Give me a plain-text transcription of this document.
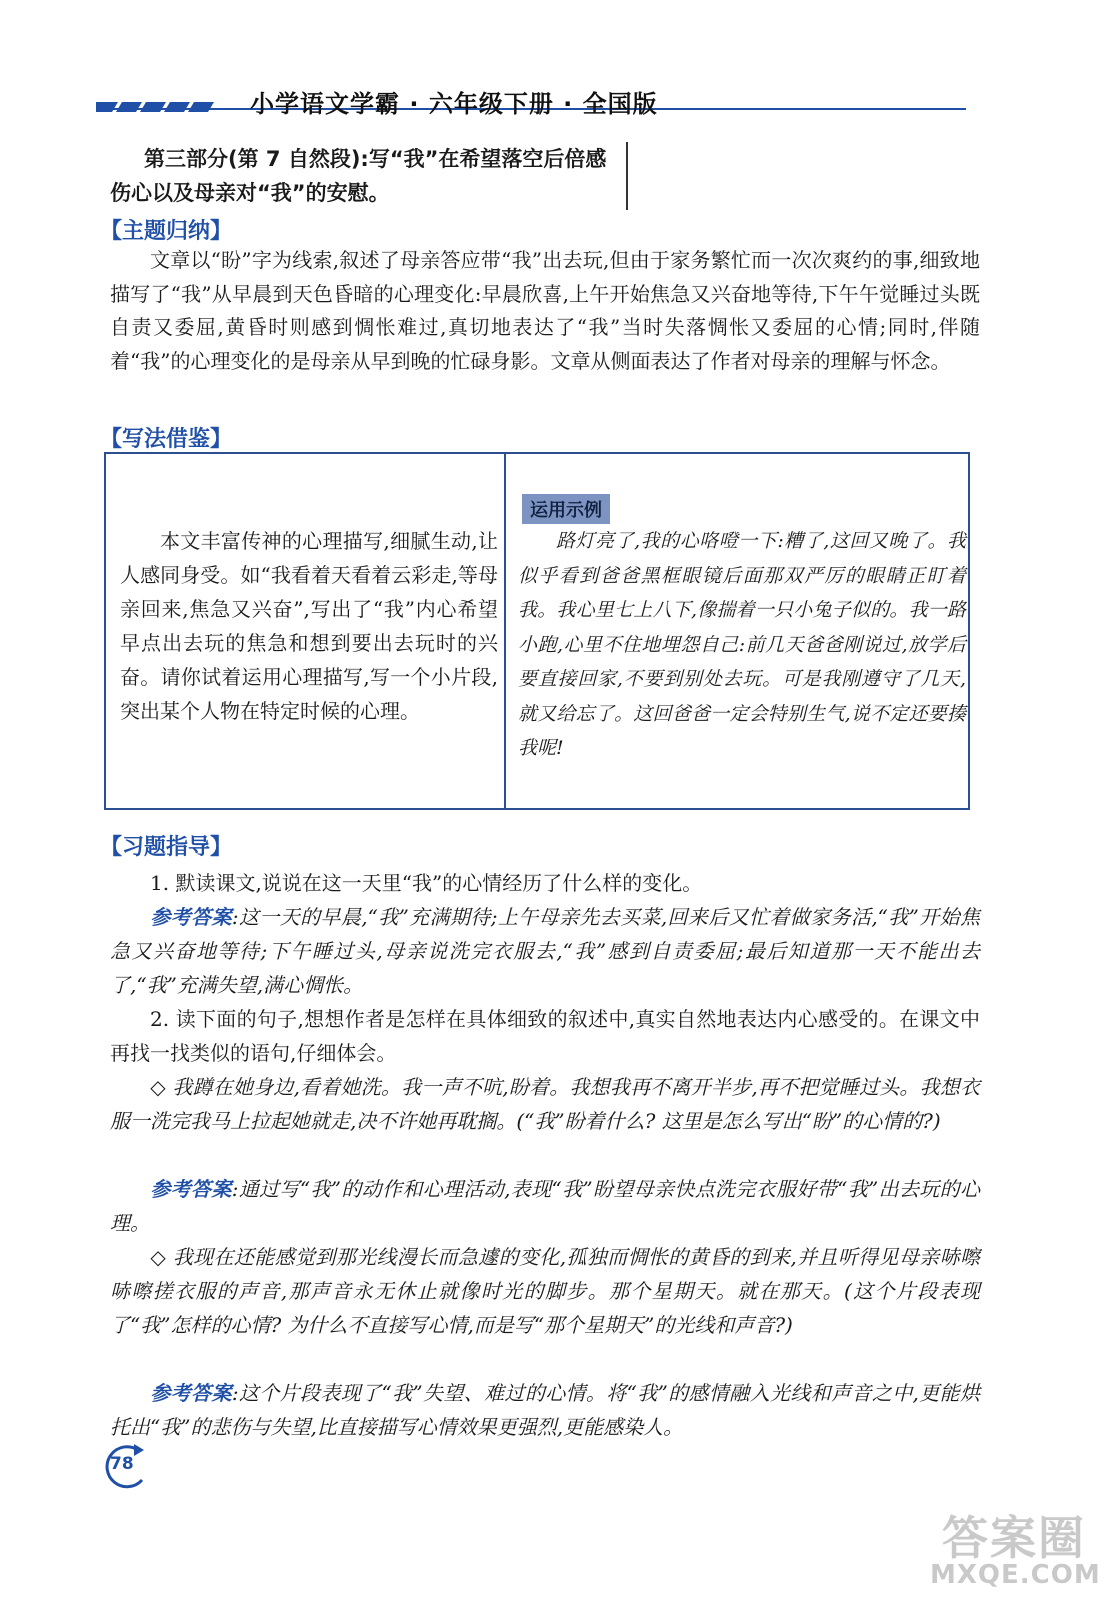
小学语文学霸 · 六年级下册 · 全国版
第三部分(第 7 自然段):写“我”在希望落空后倍感伤心以及母亲对“我”的安慰。
【主题归纳】
文章以“盼”字为线索,叙述了母亲答应带“我”出去玩,但由于家务繁忙而一次次爽约的事,细致地描写了“我”从早晨到天色昏暗的心理变化:早晨欣喜,上午开始焦急又兴奋地等待,下午午觉睡过头既自责又委屈,黄昏时则感到惆怅难过,真切地表达了“我”当时失落惆怅又委屈的心情;同时,伴随着“我”的心理变化的是母亲从早到晚的忙碌身影。文章从侧面表达了作者对母亲的理解与怀念。
【写法借鉴】
本文丰富传神的心理描写,细腻生动,让人感同身受。如“我看着天看着云彩走,等母亲回来,焦急又兴奋”,写出了“我”内心希望早点出去玩的焦急和想到要出去玩时的兴奋。请你试着运用心理描写,写一个小片段,突出某个人物在特定时候的心理。
运用示例
路灯亮了,我的心咯噔一下:糟了,这回又晚了。我似乎看到爸爸黑框眼镜后面那双严厉的眼睛正盯着我。我心里七上八下,像揣着一只小兔子似的。我一路小跑,心里不住地埋怨自己:前几天爸爸刚说过,放学后要直接回家,不要到别处去玩。可是我刚遵守了几天,就又给忘了。这回爸爸一定会特别生气,说不定还要揍我呢!
【习题指导】
1. 默读课文,说说在这一天里“我”的心情经历了什么样的变化。
参考答案:这一天的早晨,“我”充满期待;上午母亲先去买菜,回来后又忙着做家务活,“我”开始焦急又兴奋地等待;下午睡过头,母亲说洗完衣服去,“我”感到自责委屈;最后知道那一天不能出去了,“我”充满失望,满心惆怅。
2. 读下面的句子,想想作者是怎样在具体细致的叙述中,真实自然地表达内心感受的。在课文中再找一找类似的语句,仔细体会。
◇ 我蹲在她身边,看着她洗。我一声不吭,盼着。我想我再不离开半步,再不把觉睡过头。我想衣服一洗完我马上拉起她就走,决不许她再耽搁。(“我”盼着什么? 这里是怎么写出“盼”的心情的?)
参考答案:通过写“我”的动作和心理活动,表现“我”盼望母亲快点洗完衣服好带“我”出去玩的心理。
◇ 我现在还能感觉到那光线漫长而急遽的变化,孤独而惆怅的黄昏的到来,并且听得见母亲哧嚓哧嚓搓衣服的声音,那声音永无休止就像时光的脚步。那个星期天。就在那天。(这个片段表现了“我”怎样的心情? 为什么不直接写心情,而是写“那个星期天”的光线和声音?)
参考答案:这个片段表现了“我”失望、难过的心情。将“我”的感情融入光线和声音之中,更能烘托出“我”的悲伤与失望,比直接描写心情效果更强烈,更能感染人。
78
答案圈
MXQE.COM
